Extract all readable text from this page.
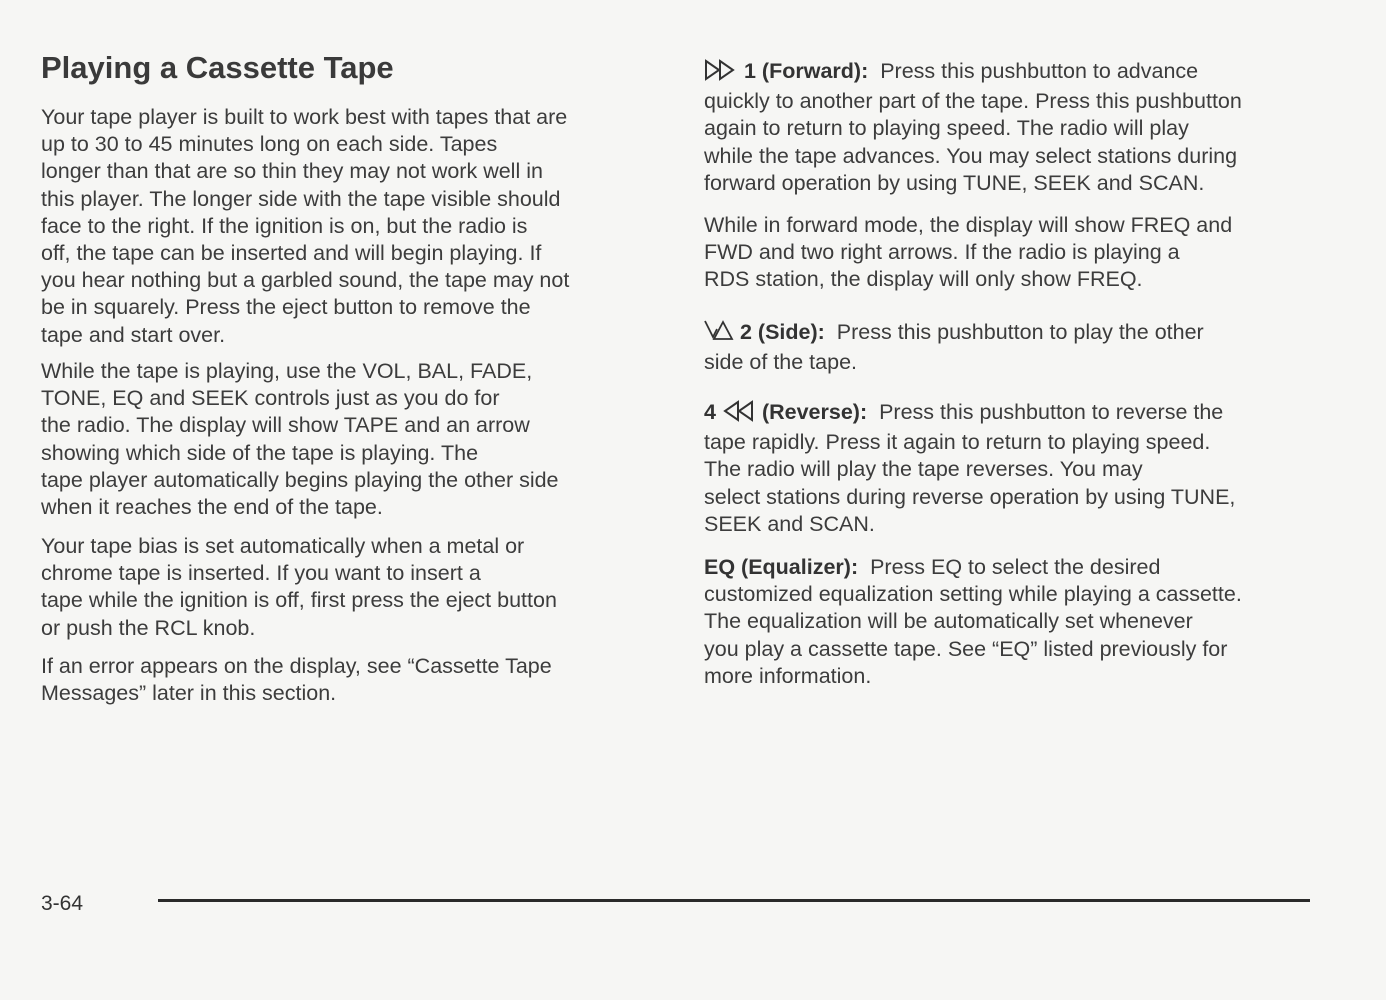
Playing a Cassette Tape
Your tape player is built to work best with tapes that are
up to 30 to 45 minutes long on each side. Tapes
longer than that are so thin they may not work well in
this player. The longer side with the tape visible should
face to the right. If the ignition is on, but the radio is
off, the tape can be inserted and will begin playing. If
you hear nothing but a garbled sound, the tape may not
be in squarely. Press the eject button to remove the
tape and start over.
While the tape is playing, use the VOL, BAL, FADE,
TONE, EQ and SEEK controls just as you do for
the radio. The display will show TAPE and an arrow
showing which side of the tape is playing. The
tape player automatically begins playing the other side
when it reaches the end of the tape.
Your tape bias is set automatically when a metal or
chrome tape is inserted. If you want to insert a
tape while the ignition is off, first press the eject button
or push the RCL knob.
If an error appears on the display, see “Cassette Tape
Messages” later in this section.
1 (Forward): Press this pushbutton to advance
quickly to another part of the tape. Press this pushbutton
again to return to playing speed. The radio will play
while the tape advances. You may select stations during
forward operation by using TUNE, SEEK and SCAN.
While in forward mode, the display will show FREQ and
FWD and two right arrows. If the radio is playing a
RDS station, the display will only show FREQ.
2 (Side): Press this pushbutton to play the other
side of the tape.
4 (Reverse): Press this pushbutton to reverse the
tape rapidly. Press it again to return to playing speed.
The radio will play the tape reverses. You may
select stations during reverse operation by using TUNE,
SEEK and SCAN.
EQ (Equalizer): Press EQ to select the desired
customized equalization setting while playing a cassette.
The equalization will be automatically set whenever
you play a cassette tape. See “EQ” listed previously for
more information.
3-64
